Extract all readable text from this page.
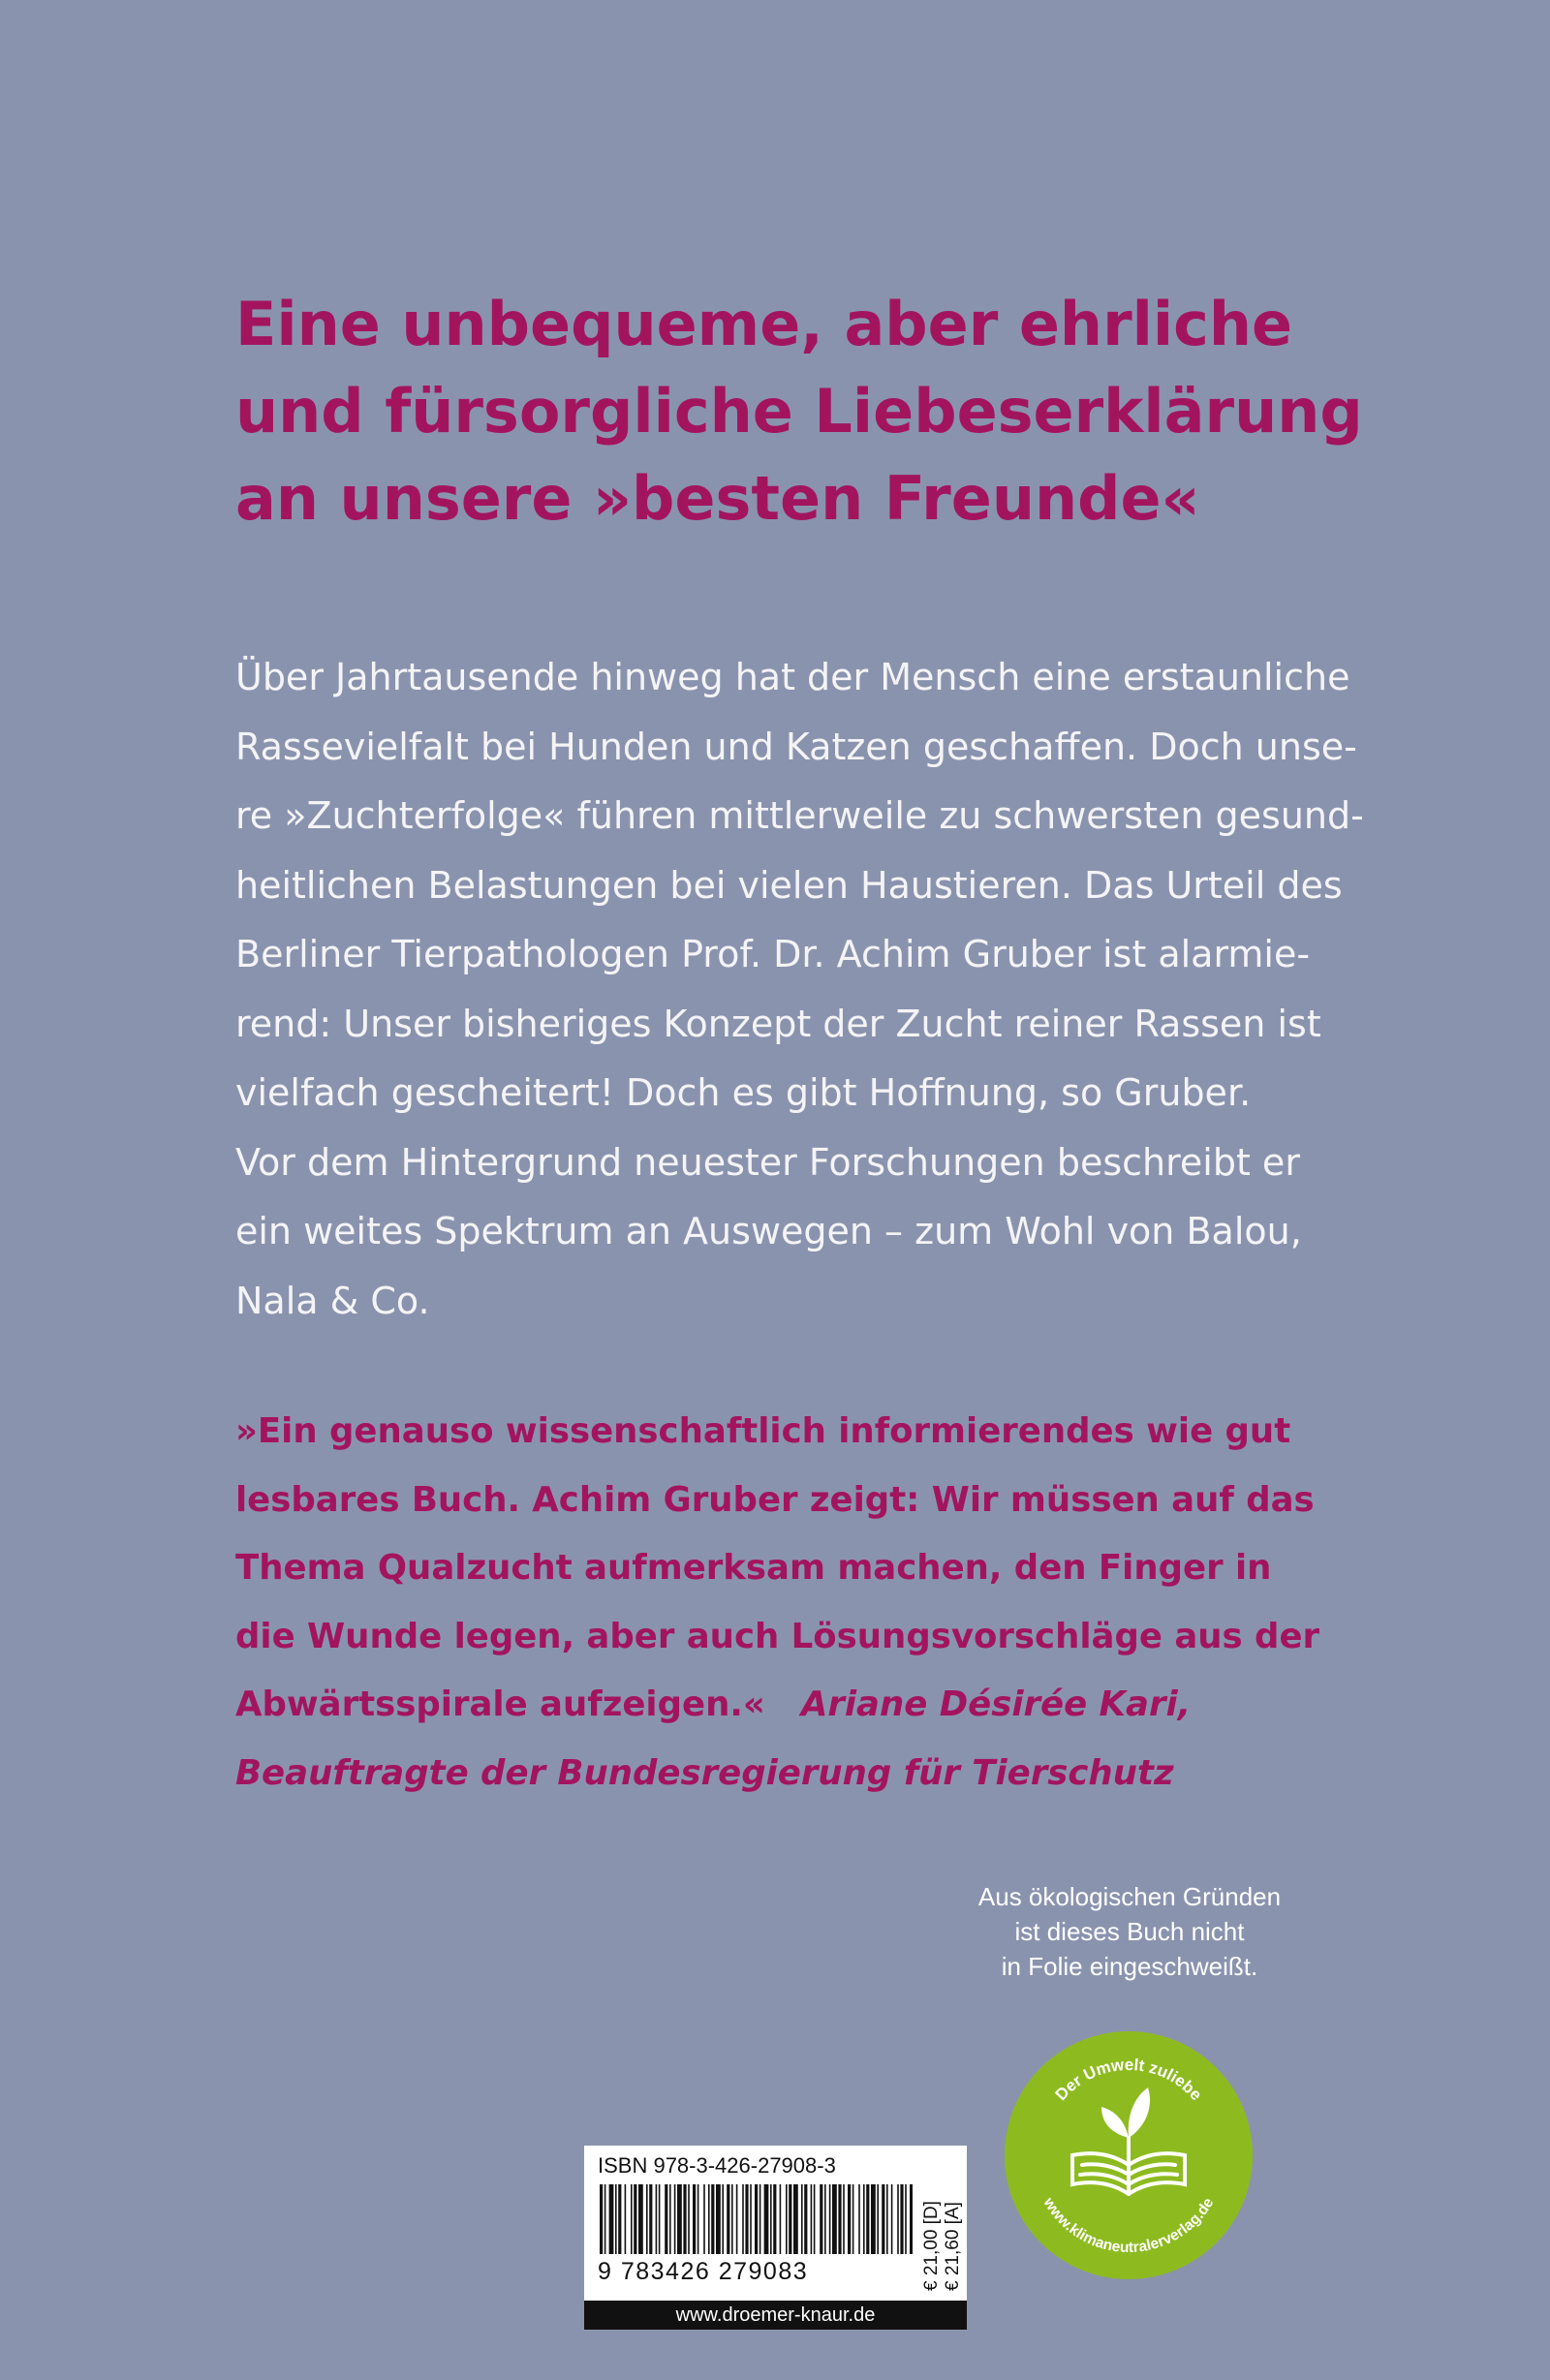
Eine unbequeme, aber ehrliche
und fürsorgliche Liebeserklärung
an unsere »besten Freunde«
Über Jahrtausende hinweg hat der Mensch eine erstaunliche
Rassevielfalt bei Hunden und Katzen geschaffen. Doch unse-
re »Zuchterfolge« führen mittlerweile zu schwersten gesund-
heitlichen Belastungen bei vielen Haustieren. Das Urteil des
Berliner Tierpathologen Prof. Dr. Achim Gruber ist alarmie-
rend: Unser bisheriges Konzept der Zucht reiner Rassen ist
vielfach gescheitert! Doch es gibt Hoffnung, so Gruber.
Vor dem Hintergrund neuester Forschungen beschreibt er
ein weites Spektrum an Auswegen – zum Wohl von Balou,
Nala & Co.
»Ein genauso wissenschaftlich informierendes wie gut
lesbares Buch. Achim Gruber zeigt: Wir müssen auf das
Thema Qualzucht aufmerksam machen, den Finger in
die Wunde legen, aber auch Lösungsvorschläge aus der
Abwärtsspirale aufzeigen.« Ariane Désirée Kari,
Beauftragte der Bundesregierung für Tierschutz
Aus ökologischen Gründen
ist dieses Buch nicht
in Folie eingeschweißt.
Der Umwelt zuliebe
www.klimaneutralerverlag.de
ISBN 978-3-426-27908-3
9 783426 279083	€ 21,00 [D] € 21,60 [A]
www.droemer-knaur.de
